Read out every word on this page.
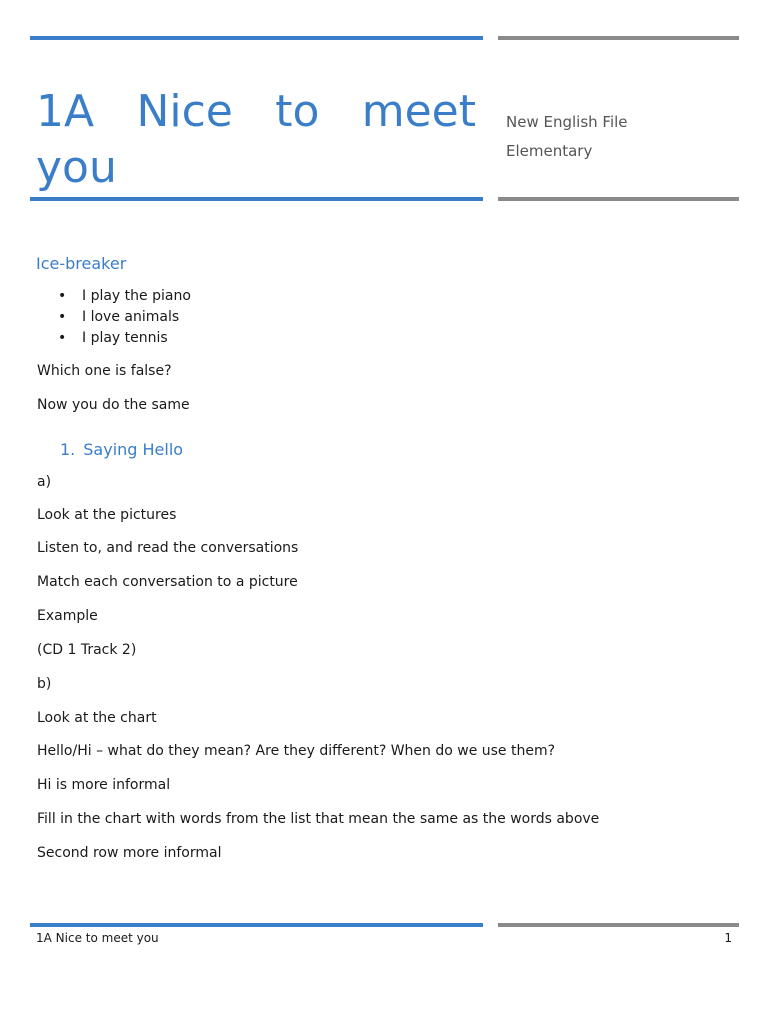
1A Nice to meet you
New English File
Elementary
Ice-breaker
• I play the piano
• I love animals
• I play tennis

Which one is false?

Now you do the same

1. Saying Hello

a)

Look at the pictures

Listen to, and read the conversations

Match each conversation to a picture

Example

(CD 1 Track 2)

b)

Look at the chart

Hello/Hi – what do they mean? Are they different? When do we use them?

Hi is more informal

Fill in the chart with words from the list that mean the same as the words above

Second row more informal

1A Nice to meet you	1
